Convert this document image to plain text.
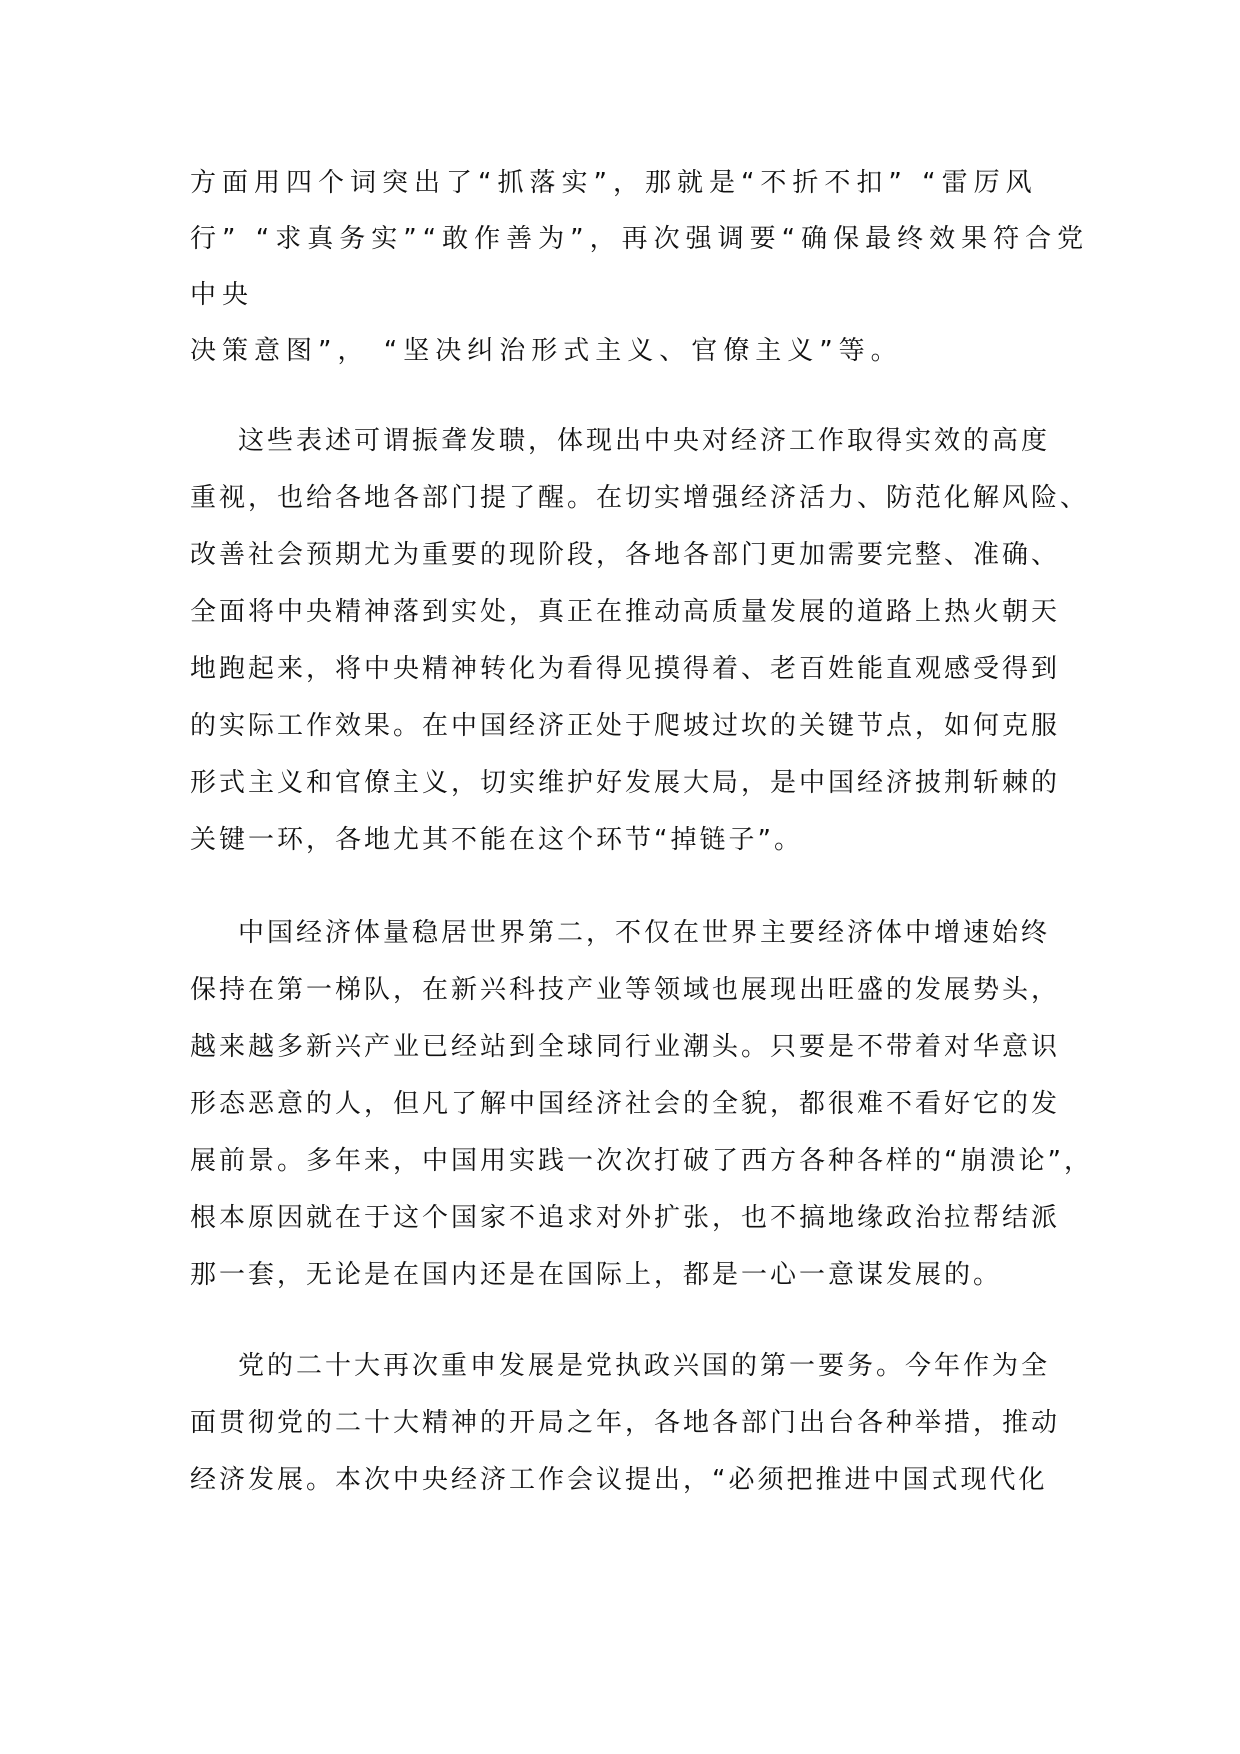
方面用四个词突出了“抓落实”，那就是“不折不扣” “雷厉风
行” “求真务实”“敢作善为”，再次强调要“确保最终效果符合党
中央
决策意图”， “坚决纠治形式主义、官僚主义”等。
这些表述可谓振聋发聩，体现出中央对经济工作取得实效的高度
重视，也给各地各部门提了醒。在切实增强经济活力、防范化解风险、
改善社会预期尤为重要的现阶段，各地各部门更加需要完整、准确、
全面将中央精神落到实处，真正在推动高质量发展的道路上热火朝天
地跑起来，将中央精神转化为看得见摸得着、老百姓能直观感受得到
的实际工作效果。在中国经济正处于爬坡过坎的关键节点，如何克服
形式主义和官僚主义，切实维护好发展大局，是中国经济披荆斩棘的
关键一环，各地尤其不能在这个环节“掉链子”。
中国经济体量稳居世界第二，不仅在世界主要经济体中增速始终
保持在第一梯队，在新兴科技产业等领域也展现出旺盛的发展势头，
越来越多新兴产业已经站到全球同行业潮头。只要是不带着对华意识
形态恶意的人，但凡了解中国经济社会的全貌，都很难不看好它的发
展前景。多年来，中国用实践一次次打破了西方各种各样的“崩溃论”，
根本原因就在于这个国家不追求对外扩张，也不搞地缘政治拉帮结派
那一套，无论是在国内还是在国际上，都是一心一意谋发展的。
党的二十大再次重申发展是党执政兴国的第一要务。今年作为全
面贯彻党的二十大精神的开局之年，各地各部门出台各种举措，推动
经济发展。本次中央经济工作会议提出，“必须把推进中国式现代化
